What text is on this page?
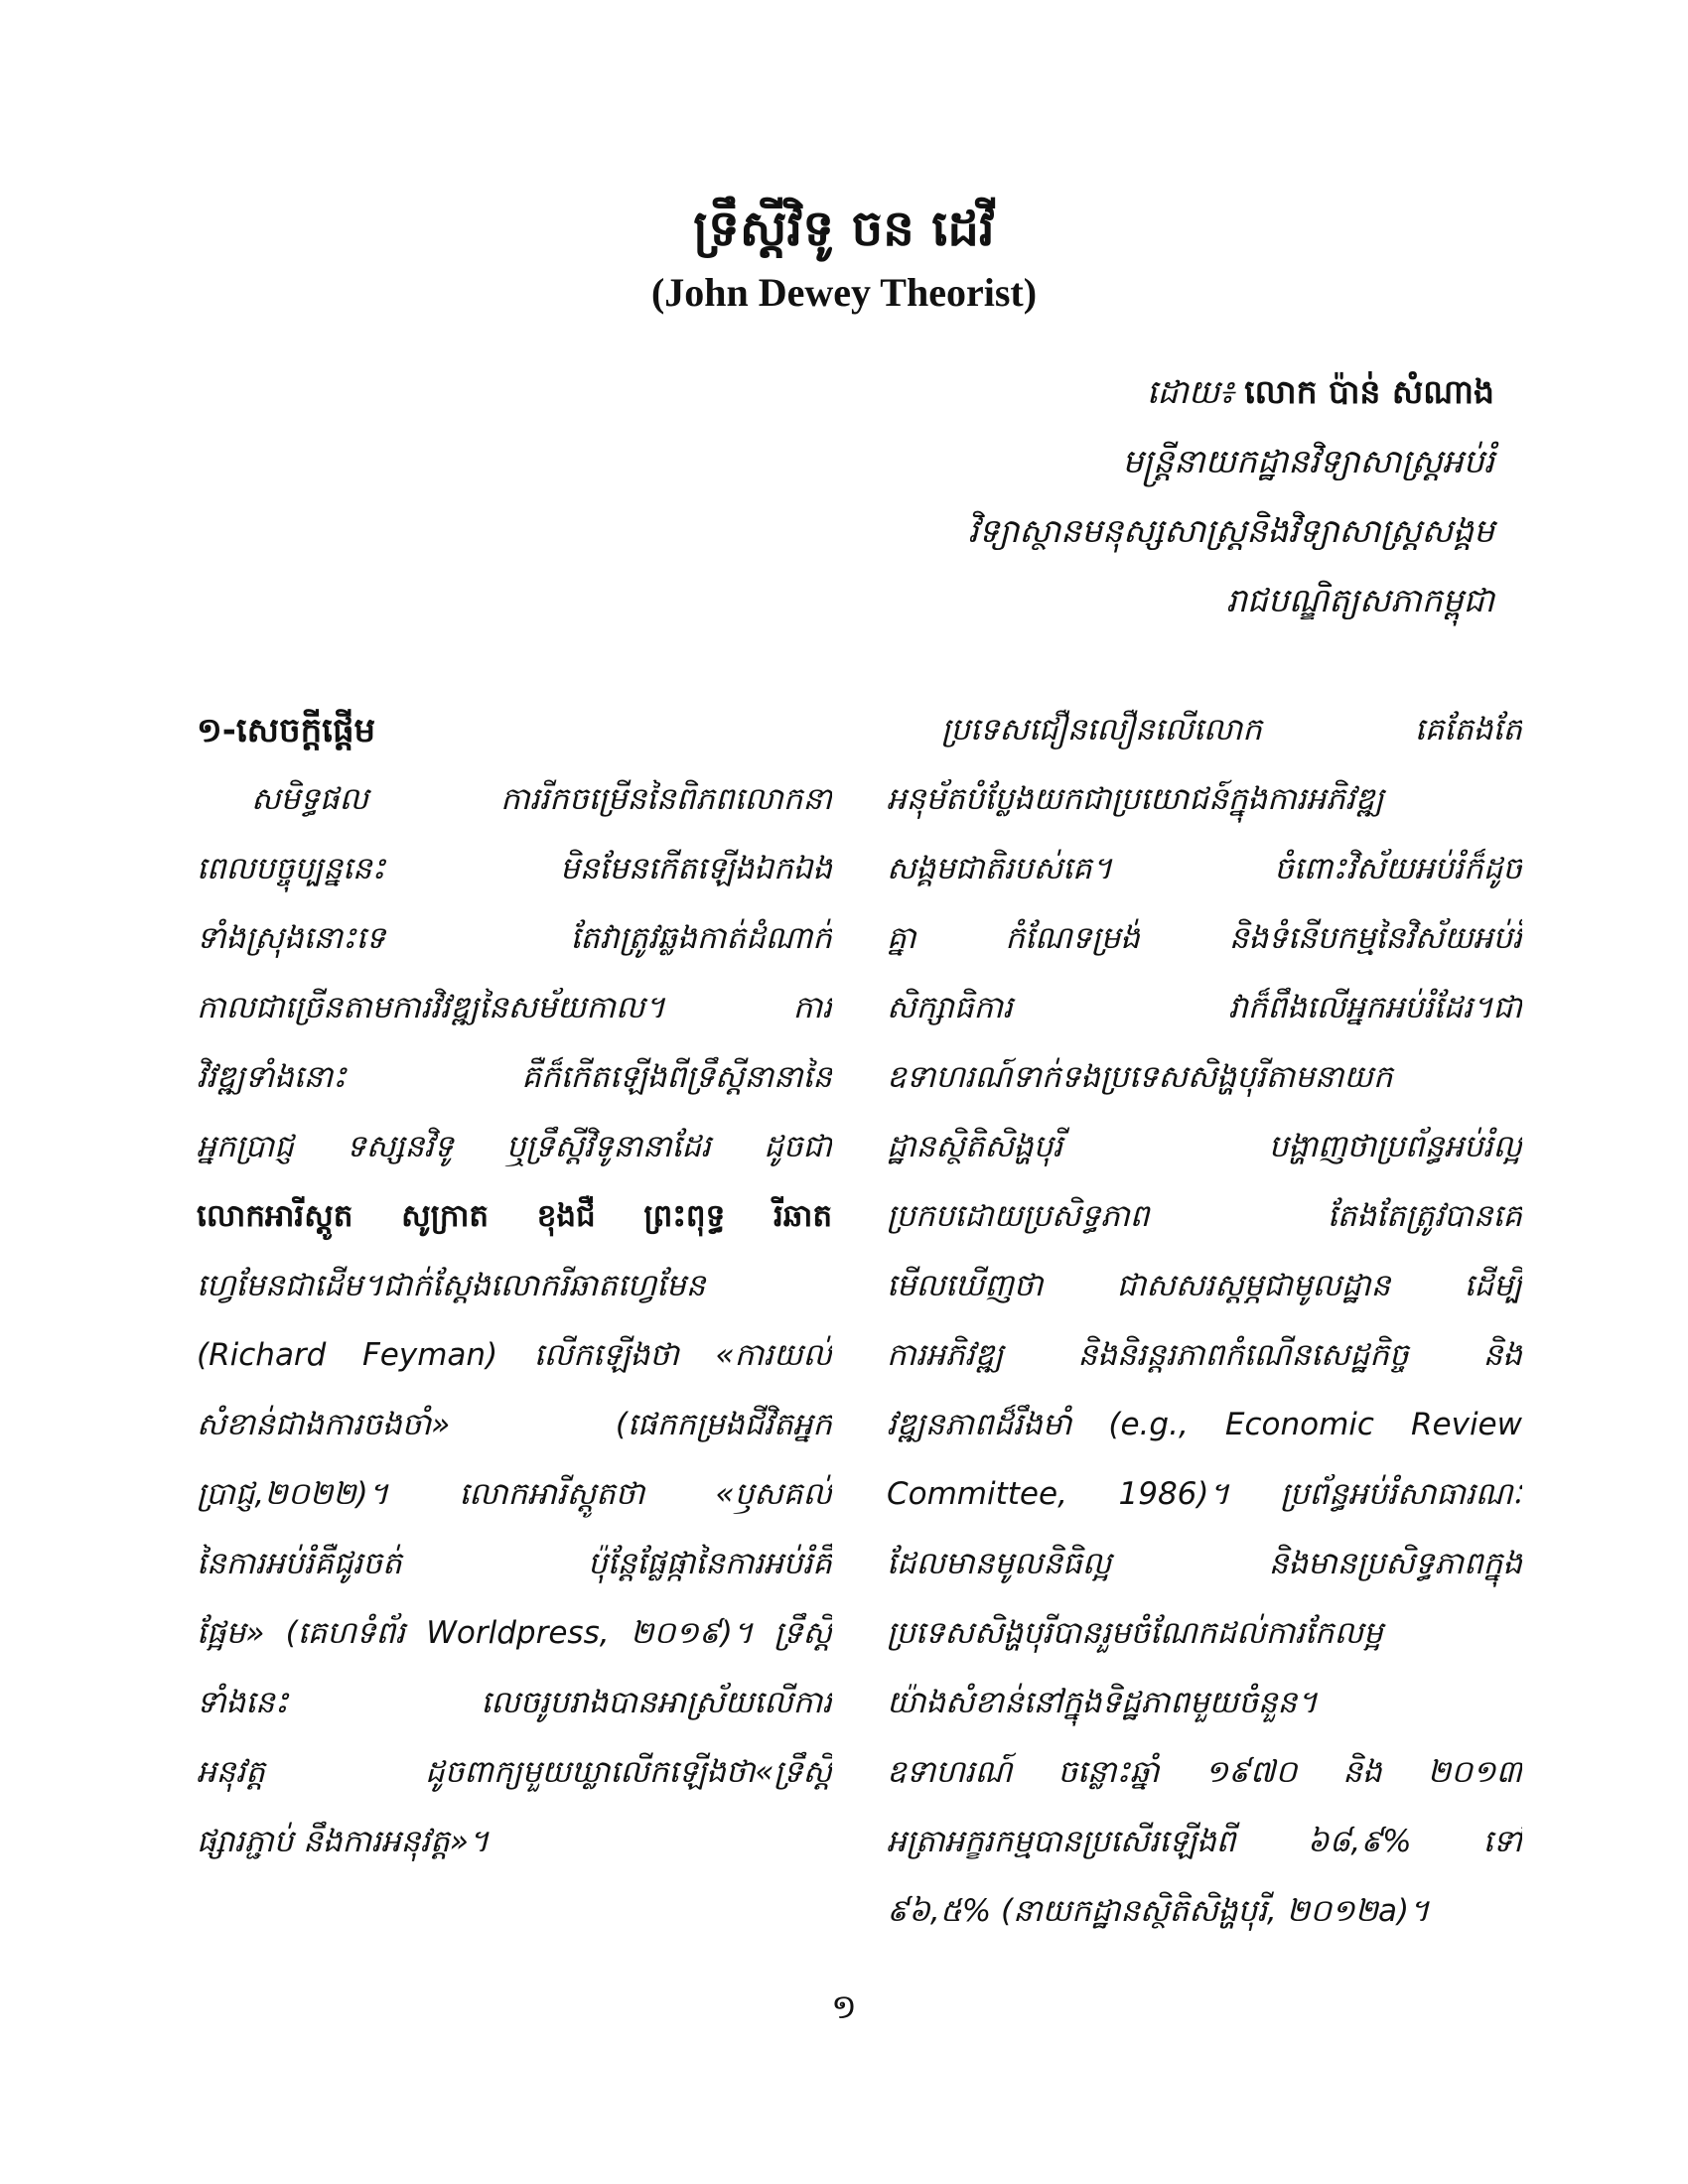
ទ្រឹស្តីវិទូ ចន ដេវី
(John Dewey Theorist)
ដោយ៖ លោក ប៉ាន់ សំណាង
មន្ត្រីនាយកដ្ឋានវិទ្យាសាស្ត្រអប់រំ
វិទ្យាស្ថានមនុស្សសាស្ត្រនិងវិទ្យាសាស្ត្រសង្គម
រាជបណ្ឌិត្យសភាកម្ពុជា
១-សេចក្តីផ្តើម
សមិទ្ធផល ការរីកចម្រើននៃពិភពលោកនា
ពេលបច្ចុប្បន្ននេះ មិនមែនកើតឡើងឯកឯង
ទាំងស្រុងនោះទេ តែវាត្រូវឆ្លងកាត់ដំណាក់
កាលជាច្រើនតាមការវិវឌ្ឍនៃសម័យកាល។ ការ
វិវឌ្ឍទាំងនោះ គឺក៏កើតឡើងពីទ្រឹស្តីនានានៃ
អ្នកប្រាជ្ញ ទស្សនវិទូ ឬទ្រឹស្តីវិទូនានាដែរ ដូចជា
លោកអារីស្តូត សូក្រាត ខុងជឺ ព្រះពុទ្ធ រីឆាត
ហ្វេមែនជាដើម។ជាក់ស្តែងលោករីឆាតហ្វេមែន
(Richard Feyman) លើកឡើងថា «ការយល់
សំខាន់ជាងការចងចាំ» (ផេកកម្រងជីវិតអ្នក
ប្រាជ្ញ,២០២២)។ លោកអារីស្តូតថា «ឫសគល់
នៃការអប់រំគឺជូរចត់ ប៉ុន្តែផ្លែផ្កានៃការអប់រំគឺ
ផ្អែម» (គេហទំព័រ Worldpress, ២០១៩)។ ទ្រឹស្តី
ទាំងនេះ លេចរូបរាងបានអាស្រ័យលើការ
អនុវត្ត ដូចពាក្យមួយឃ្លាលើកឡើងថា«ទ្រឹស្តី
ផ្សារភ្ជាប់ នឹងការអនុវត្ត»។
ប្រទេសជឿនលឿនលើលោក គេតែងតែ
អនុម័តបំប្លែងយកជាប្រយោជន៍ក្នុងការអភិវឌ្ឍ
សង្គមជាតិរបស់គេ។ ចំពោះវិស័យអប់រំក៏ដូច
គ្នា កំណែទម្រង់ និងទំនើបកម្មនៃវិស័យអប់រំ
សិក្សាធិការ វាក៏ពឹងលើអ្នកអប់រំដែរ។ជា
ឧទាហរណ៍ទាក់ទងប្រទេសសិង្ហបុរីតាមនាយក
ដ្ឋានស្ថិតិសិង្ហបុរី បង្ហាញថាប្រព័ន្ធអប់រំល្អ
ប្រកបដោយប្រសិទ្ធភាព តែងតែត្រូវបានគេ
មើលឃើញថា ជាសសរស្តម្ភជាមូលដ្ឋាន ដើម្បី
ការអភិវឌ្ឍ និងនិរន្តរភាពកំណើនសេដ្ឋកិច្ច និង
វឌ្ឍនភាពដ៏រឹងមាំ (e.g., Economic Review
Committee, 1986)។ ប្រព័ន្ធអប់រំសាធារណៈ
ដែលមានមូលនិធិល្អ និងមានប្រសិទ្ធភាពក្នុង
ប្រទេសសិង្ហបុរីបានរួមចំណែកដល់ការកែលម្អ
យ៉ាងសំខាន់នៅក្នុងទិដ្ឋភាពមួយចំនួន។
ឧទាហរណ៍ ចន្លោះឆ្នាំ ១៩៧០ និង ២០១៣
អត្រាអក្ខរកម្មបានប្រសើរឡើងពី ៦៨,៩% ទៅ
៩៦,៥% (នាយកដ្ឋានស្ថិតិសិង្ហបុរី, ២០១២a)។
១
